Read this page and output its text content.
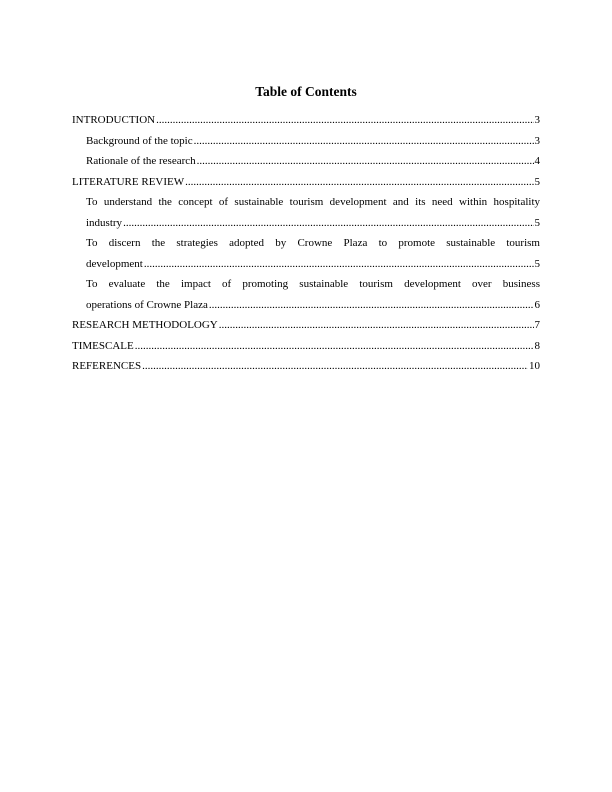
Table of Contents
INTRODUCTION .....	3
Background of the topic .....	3
Rationale of the research .....	4
LITERATURE REVIEW .....	5
To understand the concept of sustainable tourism development and its need within hospitality
industry .....	5
To discern the strategies adopted by Crowne Plaza to promote sustainable tourism
development .....	5
To evaluate the impact of promoting sustainable tourism development over business
operations of Crowne Plaza .....	6
RESEARCH METHODOLOGY .....	7
TIMESCALE .....	8
REFERENCES .....	10
